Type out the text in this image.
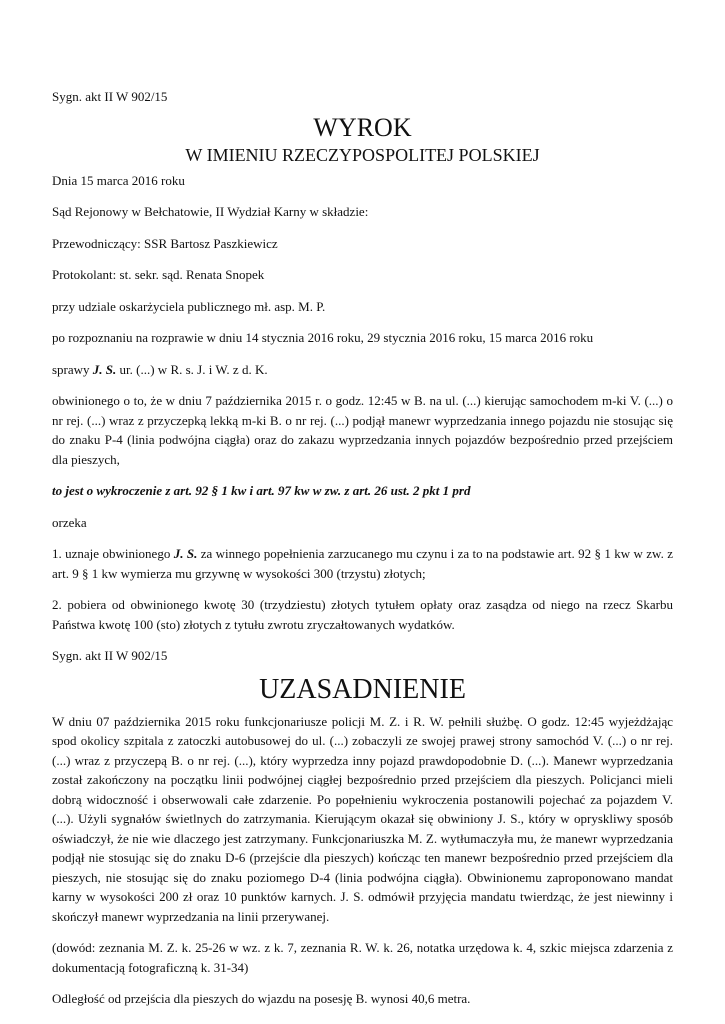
Sygn. akt II W 902/15

WYROK

W IMIENIU RZECZYPOSPOLITEJ POLSKIEJ

Dnia 15 marca 2016 roku

Sąd Rejonowy w Bełchatowie, II Wydział Karny w składzie:

Przewodniczący: SSR Bartosz Paszkiewicz

Protokolant: st. sekr. sąd. Renata Snopek

przy udziale oskarżyciela publicznego mł. asp. M. P.

po rozpoznaniu na rozprawie w dniu 14 stycznia 2016 roku, 29 stycznia 2016 roku, 15 marca 2016 roku

sprawy J. S. ur. (...) w R. s. J. i W. z d. K.

obwinionego o to, że w dniu 7 października 2015 r. o godz. 12:45 w B. na ul. (...) kierując samochodem m-ki V. (...) o nr rej. (...) wraz z przyczepką lekką m-ki B. o nr rej. (...) podjął manewr wyprzedzania innego pojazdu nie stosując się do znaku P-4 (linia podwójna ciągła) oraz do zakazu wyprzedzania innych pojazdów bezpośrednio przed przejściem dla pieszych,

to jest o wykroczenie z art. 92 § 1 kw i art. 97 kw w zw. z art. 26 ust. 2 pkt 1 prd

orzeka

1. uznaje obwinionego J. S. za winnego popełnienia zarzucanego mu czynu i za to na podstawie art. 92 § 1 kw w zw. z art. 9 § 1 kw wymierza mu grzywnę w wysokości 300 (trzystu) złotych;

2. pobiera od obwinionego kwotę 30 (trzydziestu) złotych tytułem opłaty oraz zasądza od niego na rzecz Skarbu Państwa kwotę 100 (sto) złotych z tytułu zwrotu zryczałtowanych wydatków.

Sygn. akt II W 902/15

UZASADNIENIE

W dniu 07 października 2015 roku funkcjonariusze policji M. Z. i R. W. pełnili służbę. O godz. 12:45 wyjeżdżając spod okolicy szpitala z zatoczki autobusowej do ul. (...) zobaczyli ze swojej prawej strony samochód V. (...) o nr rej. (...) wraz z przyczepą B. o nr rej. (...), który wyprzedza inny pojazd prawdopodobnie D. (...). Manewr wyprzedzania został zakończony na początku linii podwójnej ciągłej bezpośrednio przed przejściem dla pieszych. Policjanci mieli dobrą widoczność i obserwowali całe zdarzenie. Po popełnieniu wykroczenia postanowili pojechać za pojazdem V. (...). Użyli sygnałów świetlnych do zatrzymania. Kierującym okazał się obwiniony J. S., który w opryskliwy sposób oświadczył, że nie wie dlaczego jest zatrzymany. Funkcjonariuszka M. Z. wytłumaczyła mu, że manewr wyprzedzania podjął nie stosując się do znaku D-6 (przejście dla pieszych) kończąc ten manewr bezpośrednio przed przejściem dla pieszych, nie stosując się do znaku poziomego D-4 (linia podwójna ciągła). Obwinionemu zaproponowano mandat karny w wysokości 200 zł oraz 10 punktów karnych. J. S. odmówił przyjęcia mandatu twierdząc, że jest niewinny i skończył manewr wyprzedzania na linii przerywanej.

(dowód: zeznania M. Z. k. 25-26 w wz. z k. 7, zeznania R. W. k. 26, notatka urzędowa k. 4, szkic miejsca zdarzenia z dokumentacją fotograficzną k. 31-34)

Odległość od przejścia dla pieszych do wjazdu na posesję B. wynosi 40,6 metra.
